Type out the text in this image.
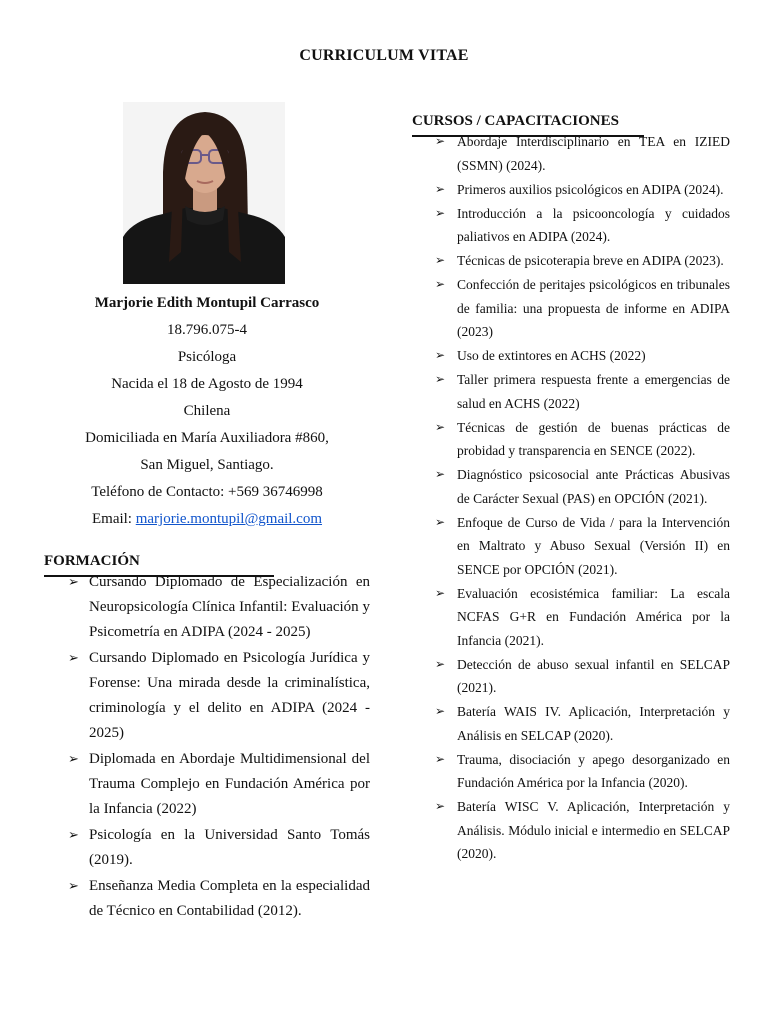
CURRICULUM VITAE
Marjorie Edith Montupil Carrasco
18.796.075-4
Psicóloga
Nacida el 18 de Agosto de 1994
Chilena
Domiciliada en María Auxiliadora #860,
San Miguel, Santiago.
Teléfono de Contacto: +569 36746998
Email: marjorie.montupil@gmail.com
FORMACIÓN
➢ Cursando Diplomado de Especialización en Neuropsicología Clínica Infantil: Evaluación y Psicometría en ADIPA (2024 - 2025)
➢ Cursando Diplomado en Psicología Jurídica y Forense: Una mirada desde la criminalística, criminología y el delito en ADIPA (2024 - 2025)
➢ Diplomada en Abordaje Multidimensional del Trauma Complejo en Fundación América por la Infancia (2022)
➢ Psicología en la Universidad Santo Tomás (2019).
➢ Enseñanza Media Completa en la especialidad de Técnico en Contabilidad (2012).
CURSOS / CAPACITACIONES
➢ Abordaje Interdisciplinario en TEA en IZIED (SSMN) (2024).
➢ Primeros auxilios psicológicos en ADIPA (2024).
➢ Introducción a la psicooncología y cuidados paliativos en ADIPA (2024).
➢ Técnicas de psicoterapia breve en ADIPA (2023).
➢ Confección de peritajes psicológicos en tribunales de familia: una propuesta de informe en ADIPA (2023)
➢ Uso de extintores en ACHS (2022)
➢ Taller primera respuesta frente a emergencias de salud en ACHS (2022)
➢ Técnicas de gestión de buenas prácticas de probidad y transparencia en SENCE (2022).
➢ Diagnóstico psicosocial ante Prácticas Abusivas de Carácter Sexual (PAS) en OPCIÓN (2021).
➢ Enfoque de Curso de Vida / para la Intervención en Maltrato y Abuso Sexual (Versión II) en SENCE por OPCIÓN (2021).
➢ Evaluación ecosistémica familiar: La escala NCFAS G+R en Fundación América por la Infancia (2021).
➢ Detección de abuso sexual infantil en SELCAP (2021).
➢ Batería WAIS IV. Aplicación, Interpretación y Análisis en SELCAP (2020).
➢ Trauma, disociación y apego desorganizado en Fundación América por la Infancia (2020).
➢ Batería WISC V. Aplicación, Interpretación y Análisis. Módulo inicial e intermedio en SELCAP (2020).
